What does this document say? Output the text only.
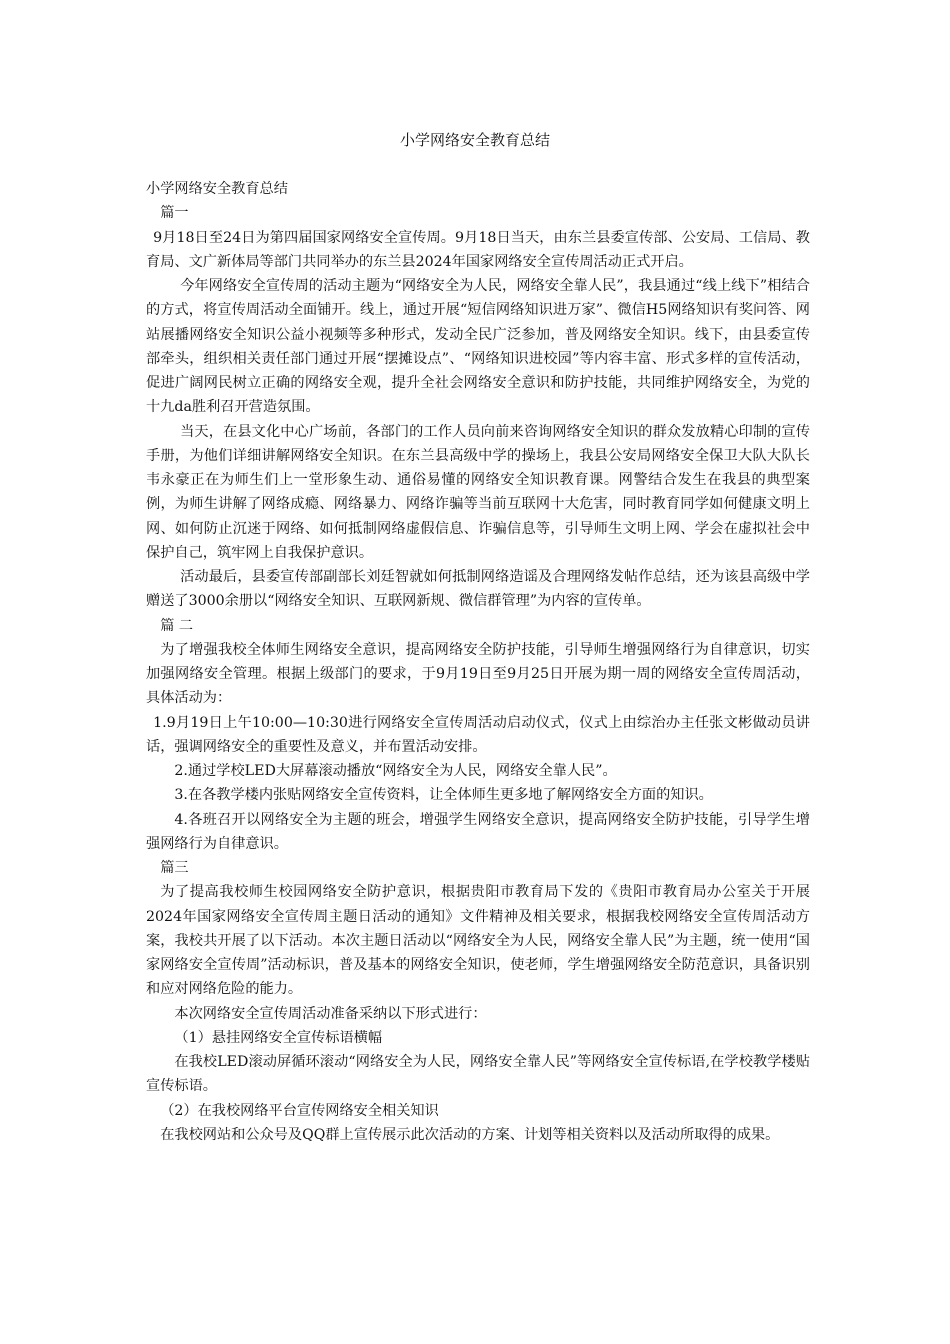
小学网络安全教育总结

小学网络安全教育总结

篇一

9月18日至24日为第四届国家网络安全宣传周。9月18日当天，由东兰县委宣传部、公安局、工信局、教育局、文广新体局等部门共同举办的东兰县2024年国家网络安全宣传周活动正式开启。

今年网络安全宣传周的活动主题为“网络安全为人民，网络安全靠人民”，我县通过“线上线下”相结合的方式，将宣传周活动全面铺开。线上，通过开展“短信网络知识进万家”、微信H5网络知识有奖问答、网站展播网络安全知识公益小视频等多种形式，发动全民广泛参加，普及网络安全知识。线下，由县委宣传部牵头，组织相关责任部门通过开展“摆摊设点”、“网络知识进校园”等内容丰富、形式多样的宣传活动，促进广阔网民树立正确的网络安全观，提升全社会网络安全意识和防护技能，共同维护网络安全，为党的十九da胜利召开营造氛围。

当天，在县文化中心广场前，各部门的工作人员向前来咨询网络安全知识的群众发放精心印制的宣传手册，为他们详细讲解网络安全知识。在东兰县高级中学的操场上，我县公安局网络安全保卫大队大队长韦永豪正在为师生们上一堂形象生动、通俗易懂的网络安全知识教育课。网警结合发生在我县的典型案例，为师生讲解了网络成瘾、网络暴力、网络诈骗等当前互联网十大危害，同时教育同学如何健康文明上网、如何防止沉迷于网络、如何抵制网络虚假信息、诈骗信息等，引导师生文明上网、学会在虚拟社会中保护自己，筑牢网上自我保护意识。

活动最后，县委宣传部副部长刘廷智就如何抵制网络造谣及合理网络发帖作总结，还为该县高级中学赠送了3000余册以“网络安全知识、互联网新规、微信群管理”为内容的宣传单。

篇 二

为了增强我校全体师生网络安全意识，提高网络安全防护技能，引导师生增强网络行为自律意识，切实加强网络安全管理。根据上级部门的要求，于9月19日至9月25日开展为期一周的网络安全宣传周活动，具体活动为：

1.9月19日上午10:00—10:30进行网络安全宣传周活动启动仪式，仪式上由综治办主任张文彬做动员讲话，强调网络安全的重要性及意义，并布置活动安排。

2.通过学校LED大屏幕滚动播放“网络安全为人民，网络安全靠人民”。

3.在各教学楼内张贴网络安全宣传资料，让全体师生更多地了解网络安全方面的知识。

4.各班召开以网络安全为主题的班会，增强学生网络安全意识，提高网络安全防护技能，引导学生增强网络行为自律意识。

篇三

为了提高我校师生校园网络安全防护意识，根据贵阳市教育局下发的《贵阳市教育局办公室关于开展2024年国家网络安全宣传周主题日活动的通知》文件精神及相关要求，根据我校网络安全宣传周活动方案，我校共开展了以下活动。本次主题日活动以“网络安全为人民，网络安全靠人民”为主题，统一使用“国家网络安全宣传周”活动标识，普及基本的网络安全知识，使老师，学生增强网络安全防范意识，具备识别和应对网络危险的能力。

本次网络安全宣传周活动准备采纳以下形式进行：

（1）悬挂网络安全宣传标语横幅

在我校LED滚动屏循环滚动“网络安全为人民，网络安全靠人民”等网络安全宣传标语,在学校教学楼贴宣传标语。

（2）在我校网络平台宣传网络安全相关知识

在我校网站和公众号及QQ群上宣传展示此次活动的方案、计划等相关资料以及活动所取得的成果。
